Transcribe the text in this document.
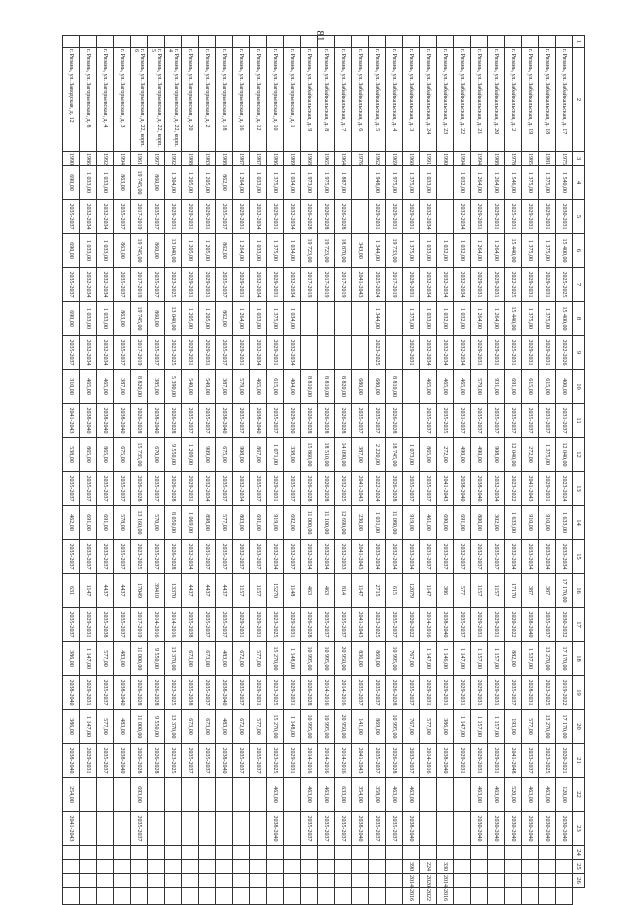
81	1	2	3	4	5	6	7	8	9	10	11	12	13	14	15	16	17	18	19	20	21	22	23	24	25	26	
	г. Рязань, ул. Забайкальская, д. 17	1975	1 540,00	2030-2031	15 400,00	2025-2025	15 400,00	2022-2026	400,00	2031-2037	12 040,00	2023-2024	1 633,00	2033-2034	17 170,00	2030-2032	17 170,00	2019-2022	17 170,00	2020-2021	120,00	2030-2040				
	г. Рязань, ул. Забайкальская, д. 18	1981	1 375,00	2029-2031	1 375,00	2029-2031	1 375,00	2029-2031	615,00	2031-2037	1 375,00	2029-2031	910,00	2033-2034	387	2035-2037	13 270,00	2023-2025	13 270,00	2023-2025	463,00	2030-2040				
	г. Рязань, ул. Забайкальская, д. 19	1985	1 375,00	2029-2031	1 375,00	2029-2031	1 375,00	2029-2031	615,00	2035-2037	272,00	2041-2043	910,00	2033-2034	387	2038-2040	1 537,00	2028-2031	577,00	2033-2037	463,00	2030-2040				
	г. Рязань, ул. Забайкальская, д. 2	1978	1 546,00	2025-2031	15 440,00	2022-2025	15 440,00	2025-2031	691,00	2035-2037	12 040,00	2023-2022	1 633,00	2032-2034	17170	2020-2022	882,00	2035-2037	193,00	2041-2048	520,00	2030-2040				
	г. Рязань, ул. Забайкальская, д. 20	1988	1 264,00	2029-2031	1 264,00	2029-2031	1 264,00	2029-2031	931,00	2035-2037	908,00	2032-2034	302,00	2035-2037	1157	2029-2031	1 157,00	2029-2031	1 157,00	2029-2031	463,00	2030-2040				
	г. Рязань, ул. Забайкальская, д. 21	1994	1 264,00	2029-2031	1 264,00	2029-2031	1 264,00	2029-2031	579,00	2035-2037	490,00	2038-2040	800,00	2032-2037	1157	2029-2031	1 157,00	2029-2031	1 157,00	2029-2031	463,00	2030-2040				
	г. Рязань, ул. Забайкальская, д. 22	1994	1 032,00	2032-2034	1 032,00	2032-2034	1 032,00	2032-2034	465,00	2031-2037	490,00	2038-2040	691,00	2032-2037	577	2035-2037	1 147,00	2029-2031	1 147,00	2029-2031						
	г. Рязань, ул. Забайкальская, д. 23	1990			1 032,00	2032-2034	1 032,00	2032-2034	465,00	2035-2035	272,00	2041-2043	690,00	2033-2037	386	2038-2040	1 146,00	2029-2031	386,00	2038-2040				330	2014-2016	
	г. Рязань, ул. Забайкальская, д. 24	1991	1 033,00	2032-2034	1 033,00	2032-2034	1 033,00	2032-2034	465,00	2035-2037	865,00	2035-2037	461,00	2031-2037	1147	2014-2016	1 147,00	2029-2031	577,00	2014-2016				224	2020-2022	
	г. Рязань, ул. Забайкальская, д. 3	1960	1 375,00	2029-2031	1 375,00	2029-2031	1 375,00	2029-2031			1 073,00	2035-2037	919,00	2033-2034	12079	2020-2022	767,00	2035-2037	767,00	2033-2037	463,00	2038-2040		390	2014-2016	
	г. Рязань, ул. Забайкальская, д. 4	1969	1 975,00	2029-2031	19 733,00	2017-2019			8 810,00	2026-2028	18 745,00	2026-2028	11 080,00	2032-2034	615	2035-2037	10 995,00	2026-2028	10 995,00	2026-2028	463,00	2035-2037				
	г. Рязань, ул. Забайкальская, д. 5	1962	1 948,00	2029-2031	1 344,00	2025-2024	1 344,00	2023-2025	680,00	2035-2037	2 220,00	2022-2024	1 031,00	2033-2034	2715	2023-2025	869,00	2035-2037	869,00	2035-2037	358,00	2035-2037				
	г. Рязань, ул. Забайкальская, д. 6	1976			343,00	2041-2043			680,00	2035-2037	387,00	2041-2043	230,00	2041-2043	1147	2041-2043	836,00	2035-2037	141,00	2041-2043	354,00	2038-2040				
	г. Рязань, ул. Забайкальская, д. 7	1964	1 887,00	2026-2028	18 870,00	2017-2019			8 820,00	2026-2028	14 090,00	2032-2025	12 690,00	2032-2033	814	2035-2037	20 950,00	2014-2016	20 950,00	2014-2016	633,00	2035-2037				
	г. Рязань, ул. Забайкальская, д. 8	1965	1 975,00	2026-2028	19 723,00	2017-2019			8 810,00	2026-2028	18 510,00	2026-2028	11 100,00	2032-2034	463	2035-2037	10 995,00	2014-2016	10 995,00	2014-2016	463,00	2035-2037				
	г. Рязань, ул. Забайкальская, д. 9	1968	1 973,00	2026-2028	19 723,00	2017-2019			8 810,00	2026-2028	15 860,00	2026-2028	11 000,00	2032-2034	463	2026-2028	10 995,00	2026-2028	10 995,00	2014-2016	463,00	2035-2037				
	г. Рязань, ул. Загорьевская, д. 1	1989	1 034,00	2032-2034	1 034,00	2032-2034	1 034,00	2032-2034	404,00	2029-2030	338,00	2035-2037	692,00	2032-2037	1148	2029-2031	1 148,00	2029-2031	1 148,00	2029-2031						
	г. Рязань, ул. Загорьевская, д. 10	1986	1 375,00	2029-2031	1 375,00	2029-2031	1 375,00	2029-2031	615,00	2035-2037	1 071,00	2029-2031	919,00	2032-2034	15270	2023-2025	15 270,00	2023-2025	15 270,00	2023-2025	463,00	2038-2040				
	г. Рязань, ул. Загорьевская, д. 12	1987	1 033,00	2032-2034	1 033,00	2032-2034	1 033,00	2032-2034	465,00	2038-2040	867,00	2035-2037	691,00	2033-2037	1157	2029-2031	577,00	2029-2031	577,00	2035-2037						
	г. Рязань, ул. Загорьевская, д. 16	1987	1 264,00	2029-2031	1 264,00	2029-2031	1 264,00	2029-2031	579,00	2035-2037	908,00	2032-2034	803,00	2032-2037	1157	2029-2031	672,00	2035-2037	672,00	2035-2037						
	г. Рязань, ул. Загорьевская, д. 18	1988	862,00	2035-2037	862,00	2035-2037	862,00	2035-2037	387,00	2038-2040	675,00	2035-2037	577,00	2035-2037	4437	2035-2037	483,00	2038-2040	483,00	2038-2040						
	г. Рязань, ул. Загорьевская, д. 2	1983	1 205,00	2029-2031	1 205,00	2029-2031	1 205,00	2029-2031	549,00	2035-2037	909,00	2032-2034	898,00	2031-2037	4437	2035-2037	673,00	2035-2037	673,00	2035-2037						
	г. Рязань, ул. Загорьевская, д. 20	1988	1 205,00	2029-2031	1 205,00	2029-2031	1 205,00	2029-2031	540,00	2035-2037	1 209,00	2029-2031	1 069,00	2032-2034	4437	2035-2038	673,00	2035-2038	673,00	2035-2037						
	г. Рязань, ул. Загорьевская, д. 22, корп. 4	1992	1 304,00	2029-2031	13 040,00	2023-2025	13 040,00	2023-2025	5 390,00	2026-2028	9 550,00	2026-2028	8 050,00	2026-2028	13370	2014-2016	13 370,00	2023-2025	13 370,00	2023-2025						
	г. Рязань, ул. Загорьевская, д. 22, корп. 5	1997	860,00	2035-2037	860,00	2035-2037	860,00	2035-2037	385,00	2038-2040	670,00	2035-2037	570,00	2035-2037	39410	2014-2016	9 550,00	2026-2028	9 550,00	2026-2028						
	г. Рязань, ул. Загорьевская, д. 22, корп. 6	1961	19 745,00	2017-2019	19 745,00	2017-2019	19 745,00	2017-2019	8 820,00	2026-2028	15 735,00	2026-2028	13 160,00	2023-2025	17049	2017-2019	11 000,00	2026-2028	11 000,00	2026-2028	693,00	2035-2037				
	г. Рязань, ул. Загорьевская, д. 3	1994	863,00	2035-2037	863,00	2035-2037	863,00	2035-2037	387,00	2038-2040	675,00	2035-2037	578,00	2035-2037	4437	2035-2037	483,00	2038-2040	483,00	2038-2040						
	г. Рязань, ул. Загорьевская, д. 4	1992	1 033,00	2032-2034	1 033,00	2032-2034	1 033,00	2032-2034	465,00	2038-2040	865,00	2035-2037	691,00	2033-2037	4437	2035-2038	577,00	2035-2037	577,00	2035-2037						
	г. Рязань, ул. Загорьевская, д. 8	1986	1 033,00	2032-2034	1 033,00	2032-2034	1 033,00	2032-2034	465,00	2038-2040	865,00	2035-2037	691,00	2033-2037	1147	2029-2031	1 147,00	2029-2031	1 147,00	2029-2031						
	г. Рязань, ул. Заводская, д. 12	1990	690,00	2035-2037	690,00	2035-2037	690,00	2035-2037	310,00	2041-2043	538,00	2035-2037	462,00	2035-2037	631	2035-2037	386,00	2038-2040	386,00	2038-2040	254,00	2041-2043				
